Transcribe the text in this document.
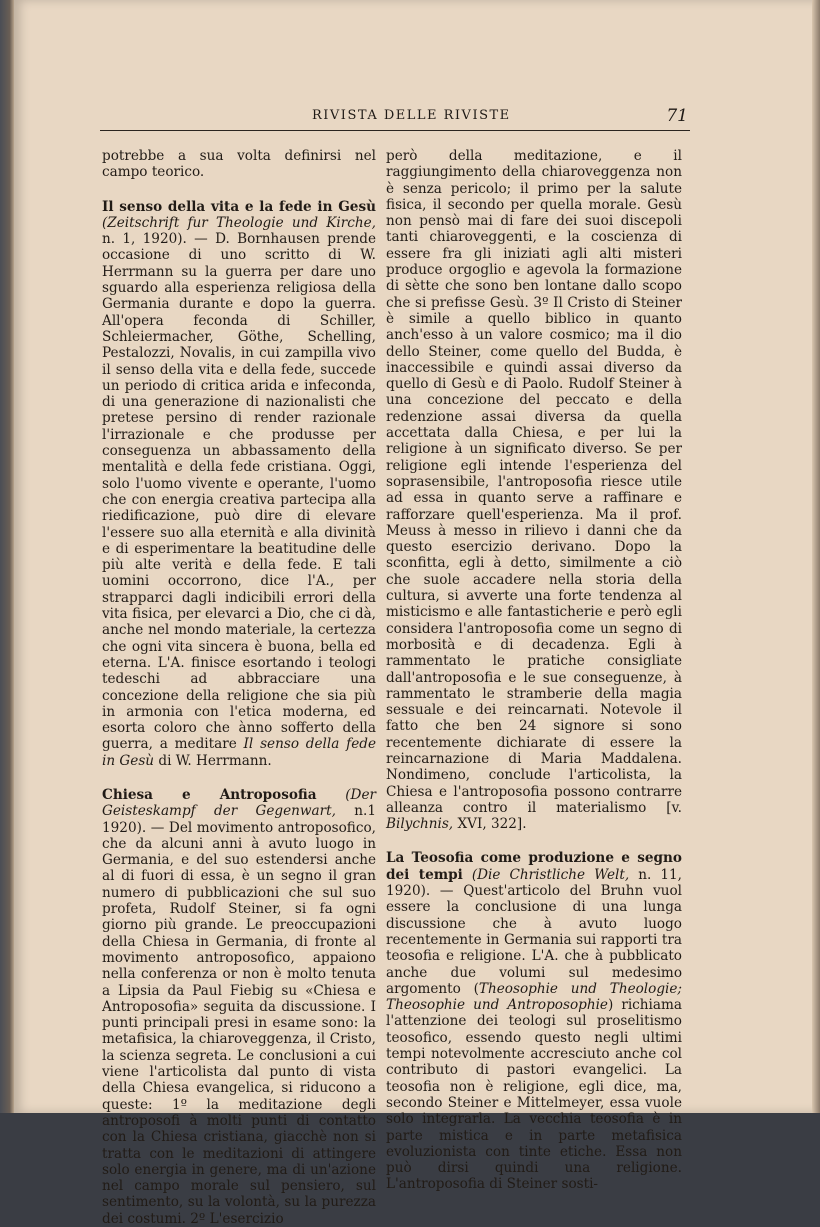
RIVISTA DELLE RIVISTE	71

potrebbe a sua volta definirsi nel campo teorico.

Il senso della vita e la fede in Gesù (Zeitschrift fur Theologie und Kirche, n. 1, 1920). — D. Bornhausen prende occasione di uno scritto di W. Herrmann su la guerra per dare uno sguardo alla esperienza religiosa della Germania durante e dopo la guerra. All'opera feconda di Schiller, Schleiermacher, Göthe, Schelling, Pestalozzi, Novalis, in cui zampilla vivo il senso della vita e della fede, succede un periodo di critica arida e infeconda, di una generazione di nazionalisti che pretese persino di render razionale l'irrazionale e che produsse per conseguenza un abbassamento della mentalità e della fede cristiana. Oggi, solo l'uomo vivente e operante, l'uomo che con energia creativa partecipa alla riedificazione, può dire di elevare l'essere suo alla eternità e alla divinità e di esperimentare la beatitudine delle più alte verità e della fede. E tali uomini occorrono, dice l'A., per strapparci dagli indicibili errori della vita fisica, per elevarci a Dio, che ci dà, anche nel mondo materiale, la certezza che ogni vita sincera è buona, bella ed eterna. L'A. finisce esortando i teologi tedeschi ad abbracciare una concezione della religione che sia più in armonia con l'etica moderna, ed esorta coloro che ànno sofferto della guerra, a meditare Il senso della fede in Gesù di W. Herrmann.

Chiesa e Antroposofia (Der Geisteskampf der Gegenwart, n.1 1920). — Del movimento antroposofico, che da alcuni anni à avuto luogo in Germania, e del suo estendersi anche al di fuori di essa, è un segno il gran numero di pubblicazioni che sul suo profeta, Rudolf Steiner, si fa ogni giorno più grande. Le preoccupazioni della Chiesa in Germania, di fronte al movimento antroposofico, appaiono nella conferenza or non è molto tenuta a Lipsia da Paul Fiebig su «Chiesa e Antroposofia» seguita da discussione. I punti principali presi in esame sono: la metafisica, la chiaroveggenza, il Cristo, la scienza segreta. Le conclusioni a cui viene l'articolista dal punto di vista della Chiesa evangelica, si riducono a queste: 1º la meditazione degli antroposofi à molti punti di contatto con la Chiesa cristiana, giacchè non si tratta con le meditazioni di attingere solo energia in genere, ma di un'azione nel campo morale sul pensiero, sul sentimento, su la volontà, su la purezza dei costumi. 2º L'esercizio

però della meditazione, e il raggiungimento della chiaroveggenza non è senza pericolo; il primo per la salute fisica, il secondo per quella morale. Gesù non pensò mai di fare dei suoi discepoli tanti chiaroveggenti, e la coscienza di essere fra gli iniziati agli alti misteri produce orgoglio e agevola la formazione di sètte che sono ben lontane dallo scopo che si prefisse Gesù. 3º Il Cristo di Steiner è simile a quello biblico in quanto anch'esso à un valore cosmico; ma il dio dello Steiner, come quello del Budda, è inaccessibile e quindi assai diverso da quello di Gesù e di Paolo. Rudolf Steiner à una concezione del peccato e della redenzione assai diversa da quella accettata dalla Chiesa, e per lui la religione à un significato diverso. Se per religione egli intende l'esperienza del soprasensibile, l'antroposofia riesce utile ad essa in quanto serve a raffinare e rafforzare quell'esperienza. Ma il prof. Meuss à messo in rilievo i danni che da questo esercizio derivano. Dopo la sconfitta, egli à detto, similmente a ciò che suole accadere nella storia della cultura, si avverte una forte tendenza al misticismo e alle fantasticherie e però egli considera l'antroposofia come un segno di morbosità e di decadenza. Egli à rammentato le pratiche consigliate dall'antroposofia e le sue conseguenze, à rammentato le stramberie della magia sessuale e dei reincarnati. Notevole il fatto che ben 24 signore si sono recentemente dichiarate di essere la reincarnazione di Maria Maddalena. Nondimeno, conclude l'articolista, la Chiesa e l'antroposofia possono contrarre alleanza contro il materialismo [v. Bilychnis, XVI, 322].

La Teosofia come produzione e segno dei tempi (Die Christliche Welt, n. 11, 1920). — Quest'articolo del Bruhn vuol essere la conclusione di una lunga discussione che à avuto luogo recentemente in Germania sui rapporti tra teosofia e religione. L'A. che à pubblicato anche due volumi sul medesimo argomento (Theosophie und Theologie; Theosophie und Antroposophie) richiama l'attenzione dei teologi sul proselitismo teosofico, essendo questo negli ultimi tempi notevolmente accresciuto anche col contributo di pastori evangelici. La teosofia non è religione, egli dice, ma, secondo Steiner e Mittelmeyer, essa vuole solo integrarla. La vecchia teosofia è in parte mistica e in parte metafisica evoluzionista con tinte etiche. Essa non può dirsi quindi una religione. L'antroposofia di Steiner sosti-
